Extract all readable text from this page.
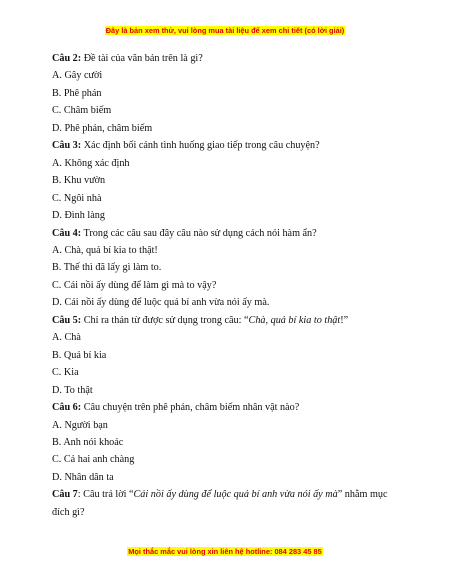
Đây là bản xem thử, vui lòng mua tài liệu để xem chi tiết (có lời giải)
Câu 2: Đề tài của văn bản trên là gì?
A. Gây cười
B. Phê phán
C. Châm biếm
D. Phê phán, châm biếm
Câu 3: Xác định bối cảnh tình huống giao tiếp trong câu chuyện?
A. Không xác định
B. Khu vườn
C. Ngôi nhà
D. Đình làng
Câu 4: Trong các câu sau đây câu nào sử dụng cách nói hàm ẩn?
A. Chà, quả bí kia to thật!
B. Thế thì đã lấy gì làm to.
C. Cái nồi ấy dùng để làm gì mà to vậy?
D. Cái nồi ấy dùng để luộc quả bí anh vừa nói ấy mà.
Câu 5: Chỉ ra thán từ được sử dụng trong câu: “Chà, quả bí kia to thật!”
A. Chà
B. Quả bí kia
C. Kia
D. To thật
Câu 6: Câu chuyện trên phê phán, châm biếm nhân vật nào?
A. Người bạn
B. Anh nói khoác
C. Cả hai anh chàng
D. Nhân dân ta
Câu 7: Câu trả lời “Cái nồi ấy dùng để luộc quả bí anh vừa nói ấy mà” nhằm mục đích gì?
Mọi thắc mắc vui lòng xin liên hệ hotline: 084 283 45 85
